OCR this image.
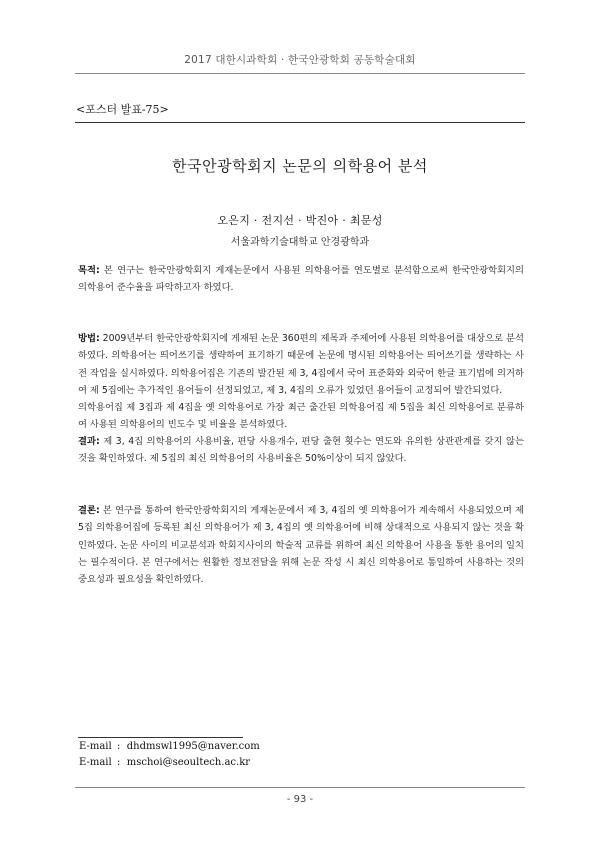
2017 대한시과학회 · 한국안광학회 공동학술대회
<포스터 발표-75>
한국안광학회지 논문의 의학용어 분석
오은지 · 전지선 · 박진아 · 최문성
서울과학기술대학교 안경광학과

목적: 본 연구는 한국안광학회지 게재논문에서 사용된 의학용어를 연도별로 분석함으로써 한국안광학회지의 의학용어 준수율을 파악하고자 하였다.

방법: 2009년부터 한국안광학회지에 게재된 논문 360편의 제목과 주제어에 사용된 의학용어를 대상으로 분석하였다. 의학용어는 띄어쓰기를 생략하여 표기하기 때문에 논문에 명시된 의학용어는 띄어쓰기를 생략하는 사전 작업을 실시하였다. 의학용어집은 기존의 발간된 제 3, 4집에서 국어 표준화와 외국어 한글 표기법에 의거하여 제 5집에는 추가적인 용어들이 선정되었고, 제 3, 4집의 오류가 있었던 용어들이 교정되어 발간되었다.
의학용어집 제 3집과 제 4집을 옛 의학용어로 가장 최근 출간된 의학용어집 제 5집을 최신 의학용어로 분류하여 사용된 의학용어의 빈도수 및 비율을 분석하였다.

결과: 제 3, 4집 의학용어의 사용비율, 편당 사용개수, 편당 출현 횟수는 연도와 유의한 상관관계를 갖지 않는 것을 확인하였다. 제 5집의 최신 의학용어의 사용비율은 50%이상이 되지 않았다.

결론: 본 연구를 통하여 한국안광학회지의 게재논문에서 제 3, 4집의 옛 의학용어가 계속해서 사용되었으며 제 5집 의학용어집에 등록된 최신 의학용어가 제 3, 4집의 옛 의학용어에 비해 상대적으로 사용되지 않는 것을 확인하였다. 논문 사이의 비교분석과 학회지사이의 학술적 교류를 위하여 최신 의학용어 사용을 통한 용어의 일치는 필수적이다. 본 연구에서는 원활한 정보전달을 위해 논문 작성 시 최신 의학용어로 통일하여 사용하는 것의 중요성과 필요성을 확인하였다.

E-mail : dhdmswl1995@naver.com
E-mail : mschoi@seoultech.ac.kr
- 93 -
